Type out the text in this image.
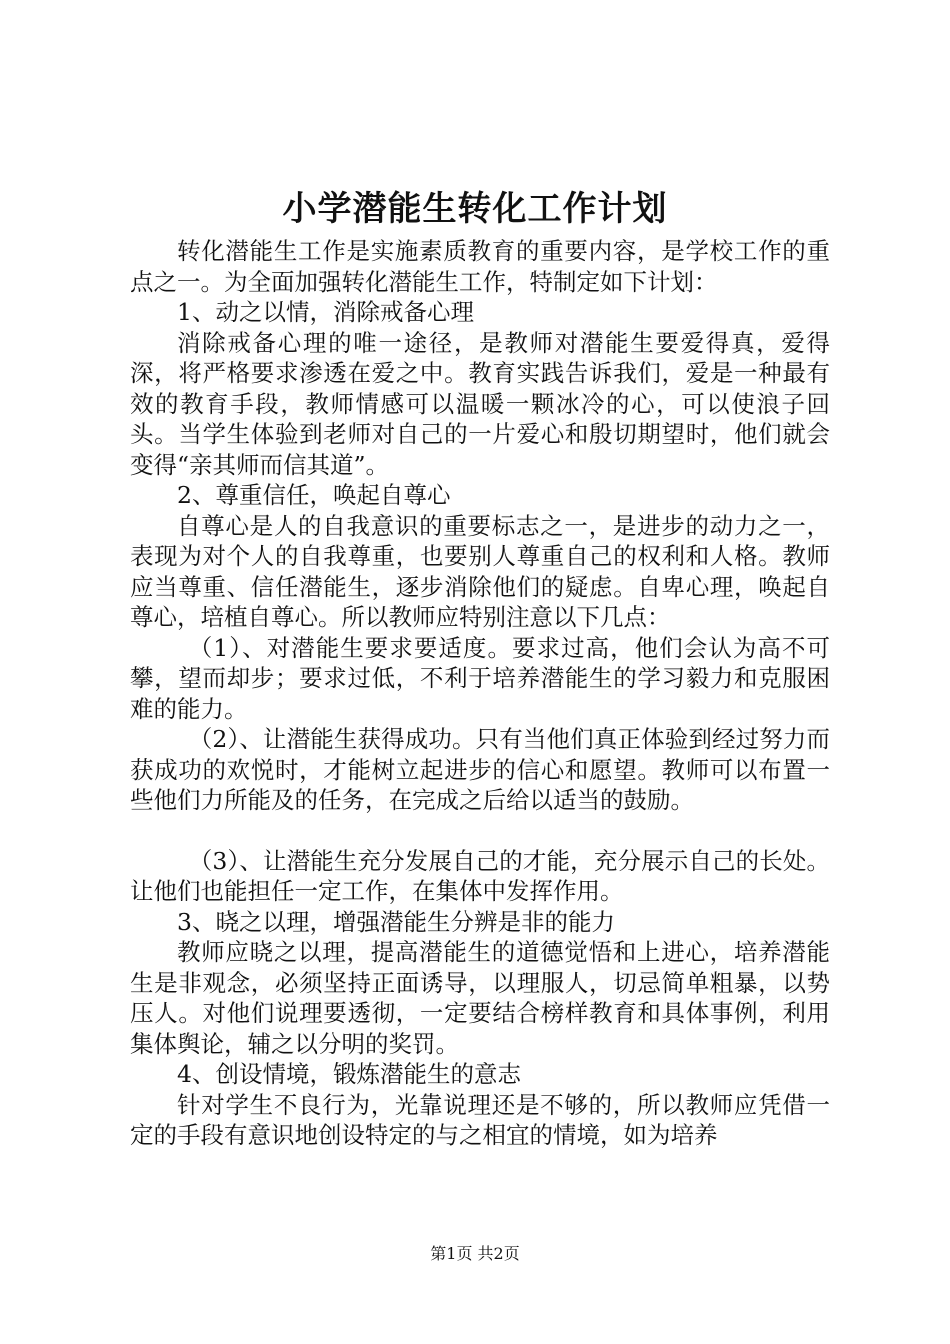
小学潜能生转化工作计划

转化潜能生工作是实施素质教育的重要内容，是学校工作的重点之一。为全面加强转化潜能生工作，特制定如下计划：

1、动之以情，消除戒备心理

消除戒备心理的唯一途径，是教师对潜能生要爱得真，爱得深，将严格要求渗透在爱之中。教育实践告诉我们，爱是一种最有效的教育手段，教师情感可以温暖一颗冰冷的心，可以使浪子回头。当学生体验到老师对自己的一片爱心和殷切期望时，他们就会变得“亲其师而信其道”。

2、尊重信任，唤起自尊心

自尊心是人的自我意识的重要标志之一，是进步的动力之一，表现为对个人的自我尊重，也要别人尊重自己的权利和人格。教师应当尊重、信任潜能生，逐步消除他们的疑虑。自卑心理，唤起自尊心，培植自尊心。所以教师应特别注意以下几点：

（1）、对潜能生要求要适度。要求过高，他们会认为高不可攀，望而却步；要求过低，不利于培养潜能生的学习毅力和克服困难的能力。

（2）、让潜能生获得成功。只有当他们真正体验到经过努力而获成功的欢悦时，才能树立起进步的信心和愿望。教师可以布置一些他们力所能及的任务，在完成之后给以适当的鼓励。

（3）、让潜能生充分发展自己的才能，充分展示自己的长处。让他们也能担任一定工作，在集体中发挥作用。

3、晓之以理，增强潜能生分辨是非的能力

教师应晓之以理，提高潜能生的道德觉悟和上进心，培养潜能生是非观念，必须坚持正面诱导，以理服人，切忌简单粗暴，以势压人。对他们说理要透彻，一定要结合榜样教育和具体事例，利用集体舆论，辅之以分明的奖罚。

4、创设情境，锻炼潜能生的意志

针对学生不良行为，光靠说理还是不够的，所以教师应凭借一定的手段有意识地创设特定的与之相宜的情境，如为培养

第1页 共2页
